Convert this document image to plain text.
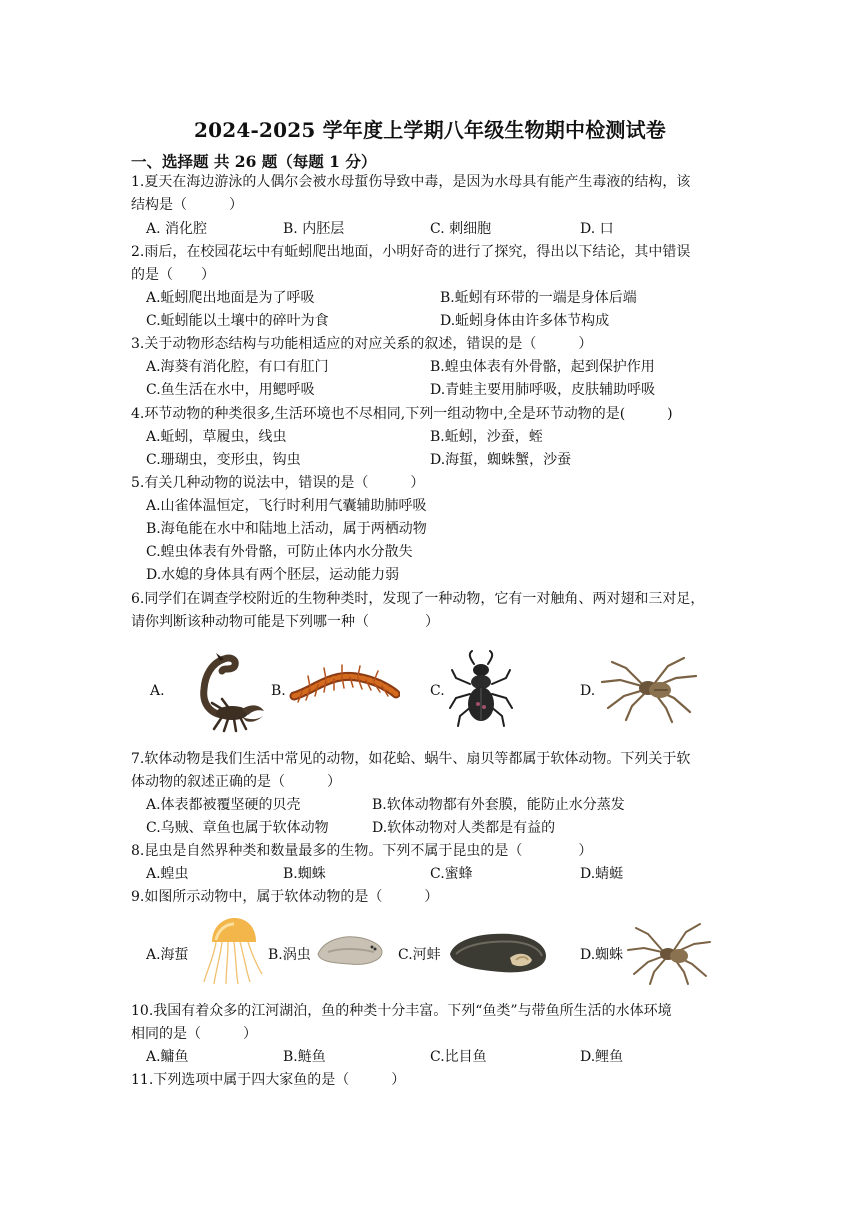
2024-2025 学年度上学期八年级生物期中检测试卷
一、选择题 共 26 题（每题 1 分）
1.夏天在海边游泳的人偶尔会被水母蜇伤导致中毒，是因为水母具有能产生毒液的结构，该
结构是（　　　）
A. 消化腔	B. 内胚层	C. 刺细胞	D. 口
2.雨后，在校园花坛中有蚯蚓爬出地面，小明好奇的进行了探究，得出以下结论，其中错误
的是（　　）
A.蚯蚓爬出地面是为了呼吸	B.蚯蚓有环带的一端是身体后端
C.蚯蚓能以土壤中的碎叶为食	D.蚯蚓身体由许多体节构成
3.关于动物形态结构与功能相适应的对应关系的叙述，错误的是（　　　）
A.海葵有消化腔，有口有肛门	B.蝗虫体表有外骨骼，起到保护作用
C.鱼生活在水中，用鳃呼吸	D.青蛙主要用肺呼吸，皮肤辅助呼吸
4.环节动物的种类很多,生活环境也不尽相同,下列一组动物中,全是环节动物的是(　　　)
A.蚯蚓，草履虫，线虫	B.蚯蚓，沙蚕，蛭
C.珊瑚虫，变形虫，钩虫	D.海蜇，蜘蛛蟹，沙蚕
5.有关几种动物的说法中，错误的是（　　　）
A.山雀体温恒定，飞行时利用气囊辅助肺呼吸
B.海龟能在水中和陆地上活动，属于两栖动物
C.蝗虫体表有外骨骼，可防止体内水分散失
D.水媳的身体具有两个胚层，运动能力弱
6.同学们在调查学校附近的生物种类时，发现了一种动物，它有一对触角、两对翅和三对足，
请你判断该种动物可能是下列哪一种（　　　　）
A.	B.	C.	D.
7.软体动物是我们生活中常见的动物，如花蛤、蜗牛、扇贝等都属于软体动物。下列关于软
体动物的叙述正确的是（　　　）
A.体表都被覆坚硬的贝壳	B.软体动物都有外套膜，能防止水分蒸发
C.乌贼、章鱼也属于软体动物	D.软体动物对人类都是有益的
8.昆虫是自然界种类和数量最多的生物。下列不属于昆虫的是（　　　　）
A.蝗虫	B.蜘蛛	C.蜜蜂	D.蜻蜓
9.如图所示动物中，属于软体动物的是（　　　）
A.海蜇	B.涡虫	C.河蚌	D.蜘蛛
10.我国有着众多的江河湖泊，鱼的种类十分丰富。下列“鱼类”与带鱼所生活的水体环境
相同的是（　　　）
A.鳙鱼	B.鲢鱼	C.比目鱼	D.鲤鱼
11.下列选项中属于四大家鱼的是（　　　）
